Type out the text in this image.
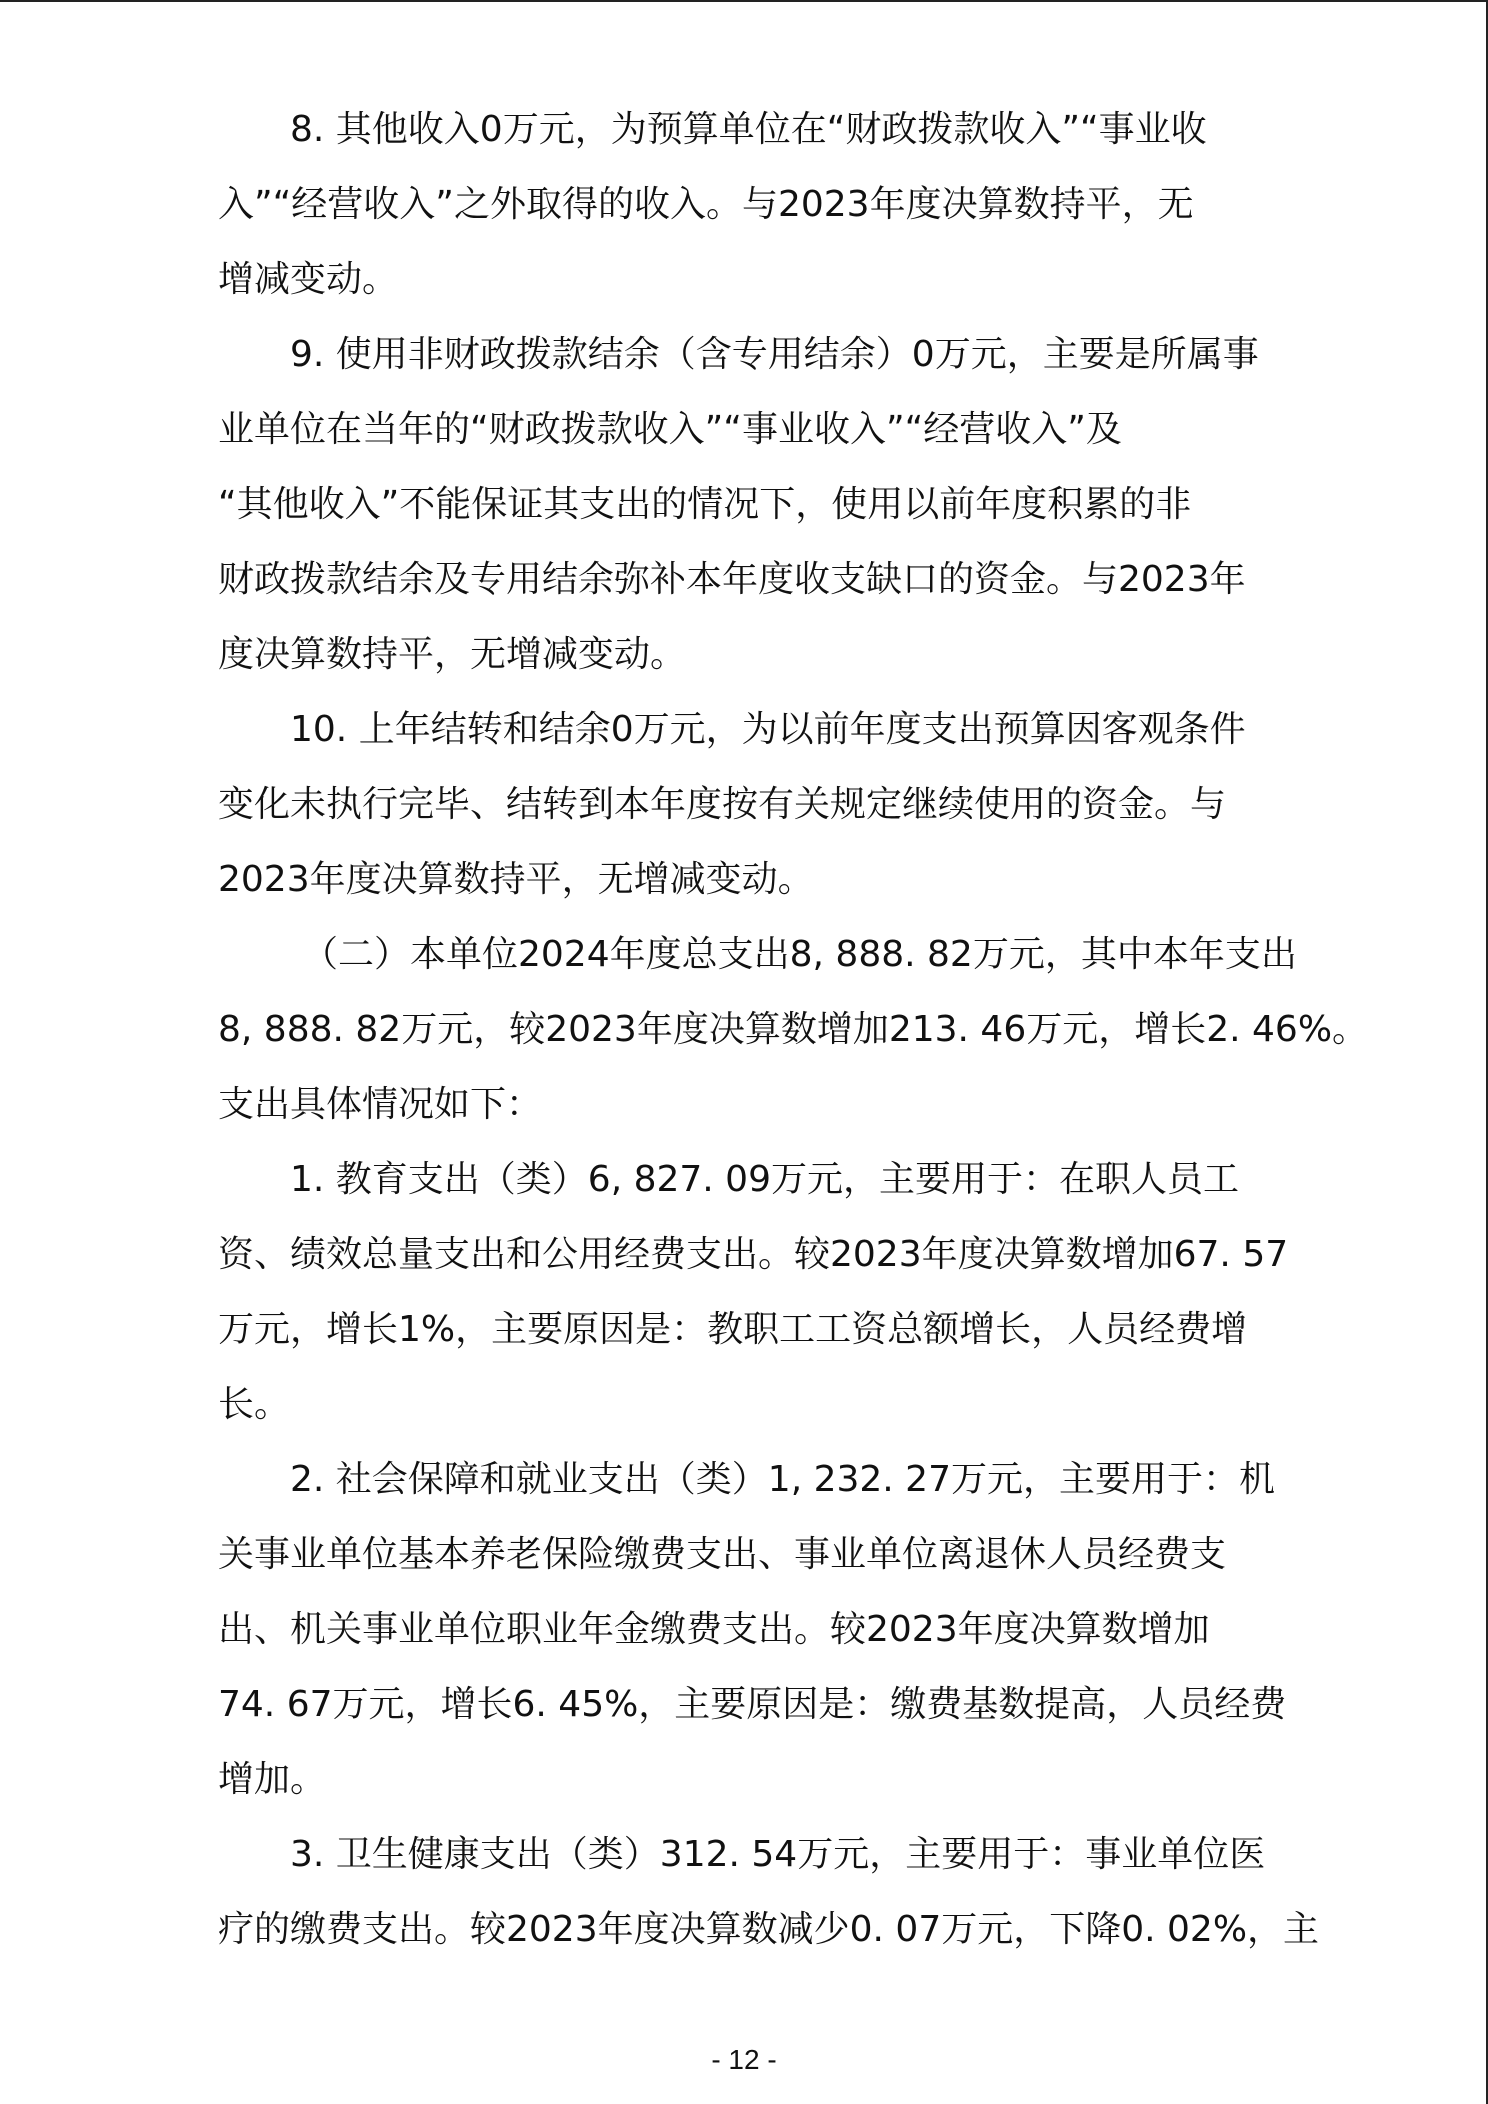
8. 其他收入0万元，为预算单位在“财政拨款收入”“事业收
入”“经营收入”之外取得的收入。与2023年度决算数持平，无
增减变动。

9. 使用非财政拨款结余（含专用结余）0万元，主要是所属事
业单位在当年的“财政拨款收入”“事业收入”“经营收入”及
“其他收入”不能保证其支出的情况下，使用以前年度积累的非
财政拨款结余及专用结余弥补本年度收支缺口的资金。与2023年
度决算数持平，无增减变动。

10. 上年结转和结余0万元，为以前年度支出预算因客观条件
变化未执行完毕、结转到本年度按有关规定继续使用的资金。与
2023年度决算数持平，无增减变动。

（二）本单位2024年度总支出8, 888. 82万元，其中本年支出
8, 888. 82万元，较2023年度决算数增加213. 46万元，增长2. 46%。
支出具体情况如下：

1. 教育支出（类）6, 827. 09万元，主要用于：在职人员工
资、绩效总量支出和公用经费支出。较2023年度决算数增加67. 57
万元，增长1%，主要原因是：教职工工资总额增长，人员经费增
长。

2. 社会保障和就业支出（类）1, 232. 27万元，主要用于：机
关事业单位基本养老保险缴费支出、事业单位离退休人员经费支
出、机关事业单位职业年金缴费支出。较2023年度决算数增加
74. 67万元，增长6. 45%，主要原因是：缴费基数提高，人员经费
增加。

3. 卫生健康支出（类）312. 54万元，主要用于：事业单位医
疗的缴费支出。较2023年度决算数减少0. 07万元，下降0. 02%，主

- 12 -
